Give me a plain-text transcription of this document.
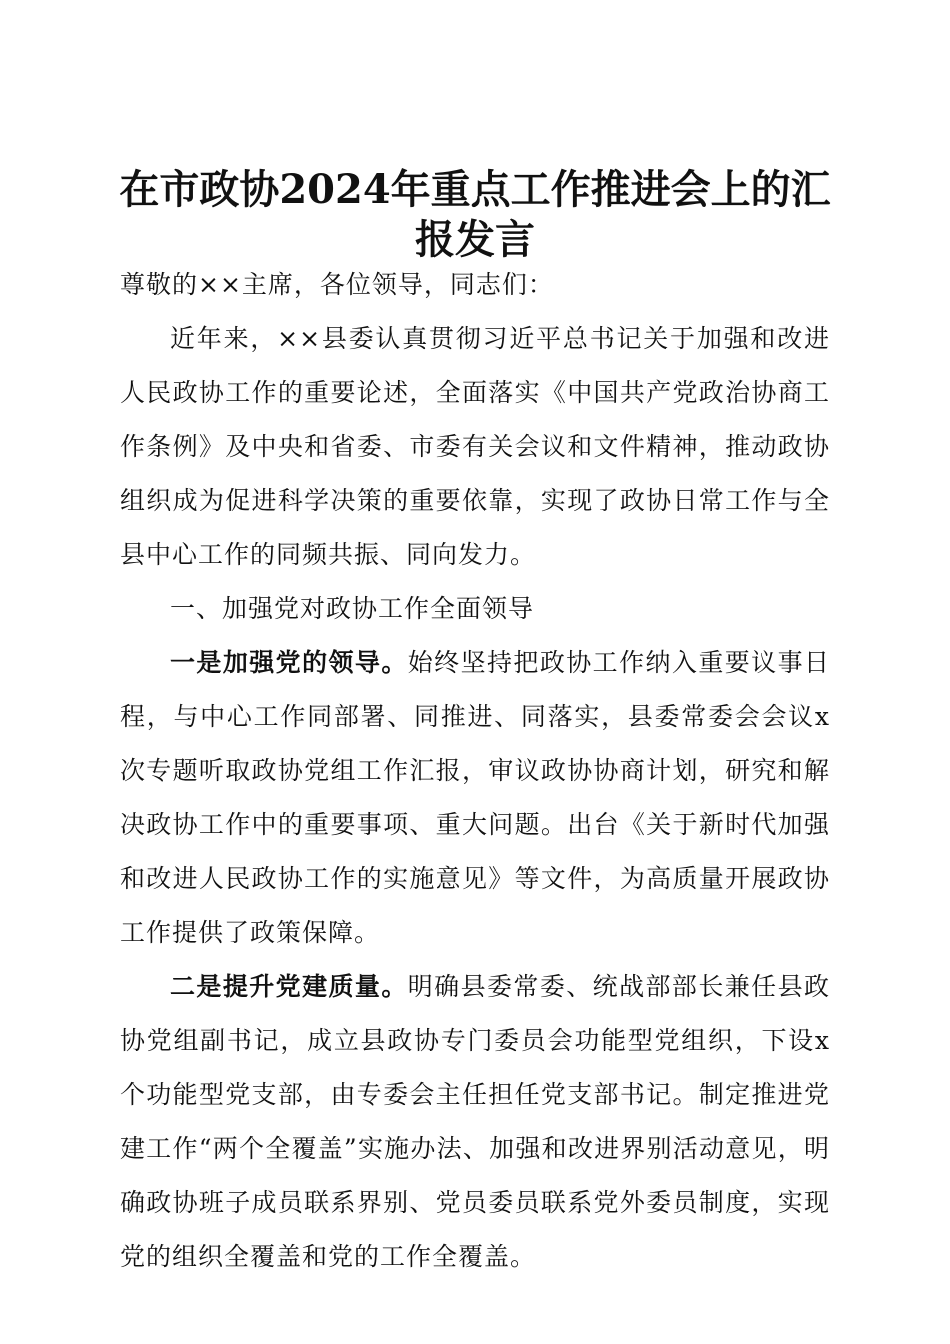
在市政协2024年重点工作推进会上的汇报发言

尊敬的××主席，各位领导，同志们：

近年来，××县委认真贯彻习近平总书记关于加强和改进人民政协工作的重要论述，全面落实《中国共产党政治协商工作条例》及中央和省委、市委有关会议和文件精神，推动政协组织成为促进科学决策的重要依靠，实现了政协日常工作与全县中心工作的同频共振、同向发力。

一、加强党对政协工作全面领导

一是加强党的领导。始终坚持把政协工作纳入重要议事日程，与中心工作同部署、同推进、同落实，县委常委会会议x次专题听取政协党组工作汇报，审议政协协商计划，研究和解决政协工作中的重要事项、重大问题。出台《关于新时代加强和改进人民政协工作的实施意见》等文件，为高质量开展政协工作提供了政策保障。

二是提升党建质量。明确县委常委、统战部部长兼任县政协党组副书记，成立县政协专门委员会功能型党组织，下设x个功能型党支部，由专委会主任担任党支部书记。制定推进党建工作“两个全覆盖”实施办法、加强和改进界别活动意见，明确政协班子成员联系界别、党员委员联系党外委员制度，实现党的组织全覆盖和党的工作全覆盖。
